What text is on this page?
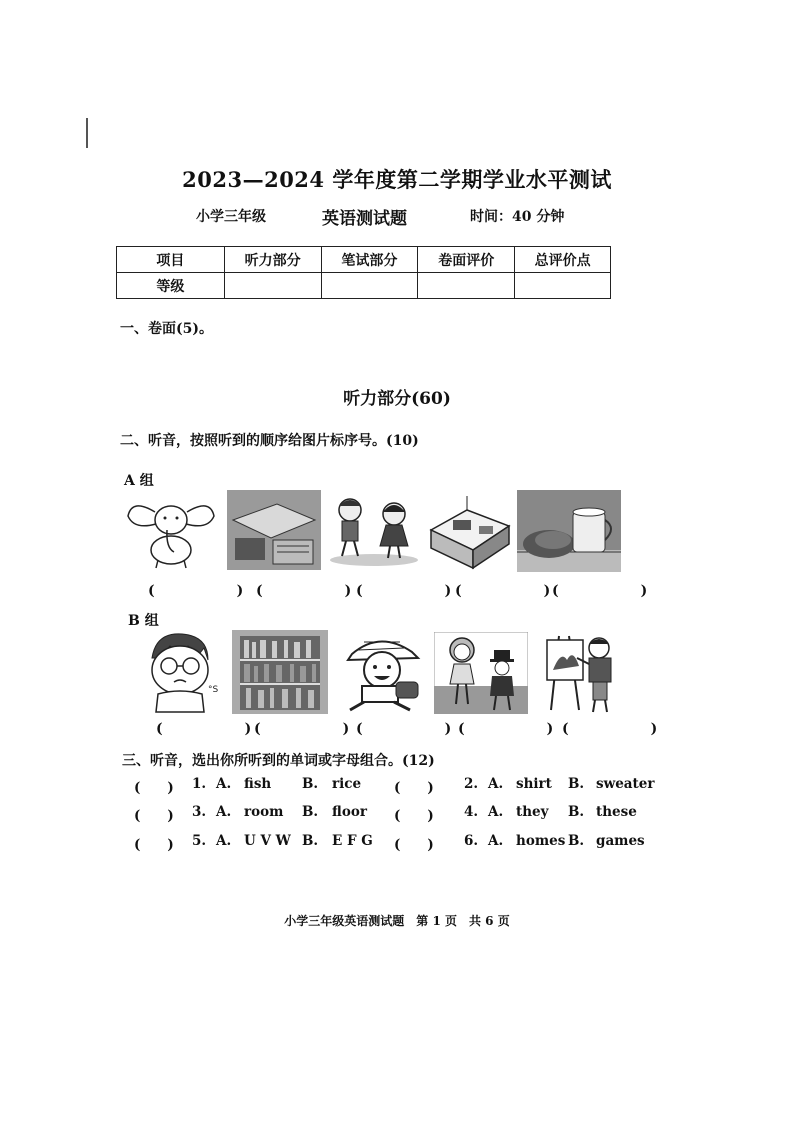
2023—2024 学年度第二学期学业水平测试
小学三年级	英语测试题	时间：40 分钟
项目	听力部分	笔试部分	卷面评价	总评价点
等级				
一、卷面(5)。
听力部分(60)
二、听音，按照听到的顺序给图片标序号。(10)
A 组
(　　)
(　　)
(　　)
(　　)
(　　)
B 组
°S
(　　)
(　　)
(　　)
(　　)
(　　)
三、听音，选出你所听到的单词或字母组合。(12)
(　　) 1. A. fish B. rice (　　) 2. A. shirt B. sweater
(　　) 3. A. room B. floor (　　) 4. A. they B. these
(　　) 5. A. U V W B. E F G (　　) 6. A. homes B. games
小学三年级英语测试题　第 1 页　共 6 页
